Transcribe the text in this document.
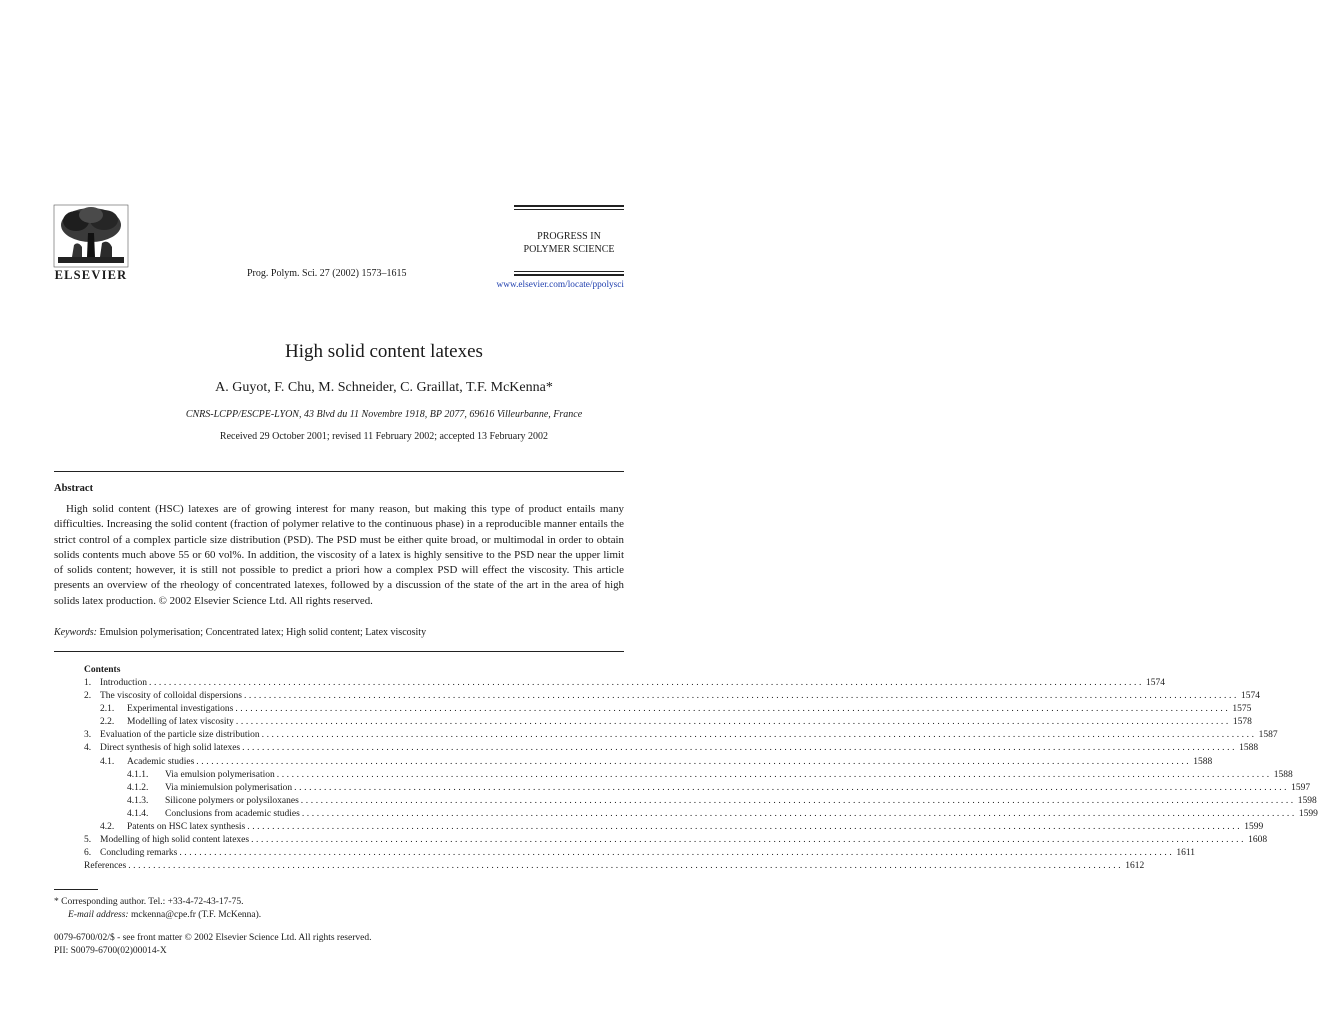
ELSEVIER	Prog. Polym. Sci. 27 (2002) 1573–1615
PROGRESS IN
POLYMER SCIENCE
www.elsevier.com/locate/ppolysci
High solid content latexes
A. Guyot, F. Chu, M. Schneider, C. Graillat, T.F. McKenna*
CNRS-LCPP/ESCPE-LYON, 43 Blvd du 11 Novembre 1918, BP 2077, 69616 Villeurbanne, France
Received 29 October 2001; revised 11 February 2002; accepted 13 February 2002
Abstract
High solid content (HSC) latexes are of growing interest for many reason, but making this type of product entails many difficulties. Increasing the solid content (fraction of polymer relative to the continuous phase) in a reproducible manner entails the strict control of a complex particle size distribution (PSD). The PSD must be either quite broad, or multimodal in order to obtain solids contents much above 55 or 60 vol%. In addition, the viscosity of a latex is highly sensitive to the PSD near the upper limit of solids content; however, it is still not possible to predict a priori how a complex PSD will effect the viscosity. This article presents an overview of the rheology of concentrated latexes, followed by a discussion of the state of the art in the area of high solids latex production. © 2002 Elsevier Science Ltd. All rights reserved.
Keywords: Emulsion polymerisation; Concentrated latex; High solid content; Latex viscosity
Contents
1. Introduction ........................................................................................................................................................................................................ 1574
2. The viscosity of colloidal dispersions ........................................................................................................................................................................................................ 1574
2.1.	Experimental investigations ........................................................................................................................................................................................................ 1575
2.2.	Modelling of latex viscosity ........................................................................................................................................................................................................ 1578
3. Evaluation of the particle size distribution ........................................................................................................................................................................................................ 1587
4. Direct synthesis of high solid latexes ........................................................................................................................................................................................................ 1588
4.1.	Academic studies ........................................................................................................................................................................................................ 1588
4.1.1.	Via emulsion polymerisation ........................................................................................................................................................................................................ 1588
4.1.2.	Via miniemulsion polymerisation ........................................................................................................................................................................................................ 1597
4.1.3.	Silicone polymers or polysiloxanes ........................................................................................................................................................................................................ 1598
4.1.4.	Conclusions from academic studies ........................................................................................................................................................................................................ 1599
4.2.	Patents on HSC latex synthesis ........................................................................................................................................................................................................ 1599
5. Modelling of high solid content latexes ........................................................................................................................................................................................................ 1608
6. Concluding remarks ........................................................................................................................................................................................................ 1611
References ........................................................................................................................................................................................................ 1612
* Corresponding author. Tel.: +33-4-72-43-17-75.
E-mail address: mckenna@cpe.fr (T.F. McKenna).
0079-6700/02/$ - see front matter © 2002 Elsevier Science Ltd. All rights reserved.
PII: S0079-6700(02)00014-X
